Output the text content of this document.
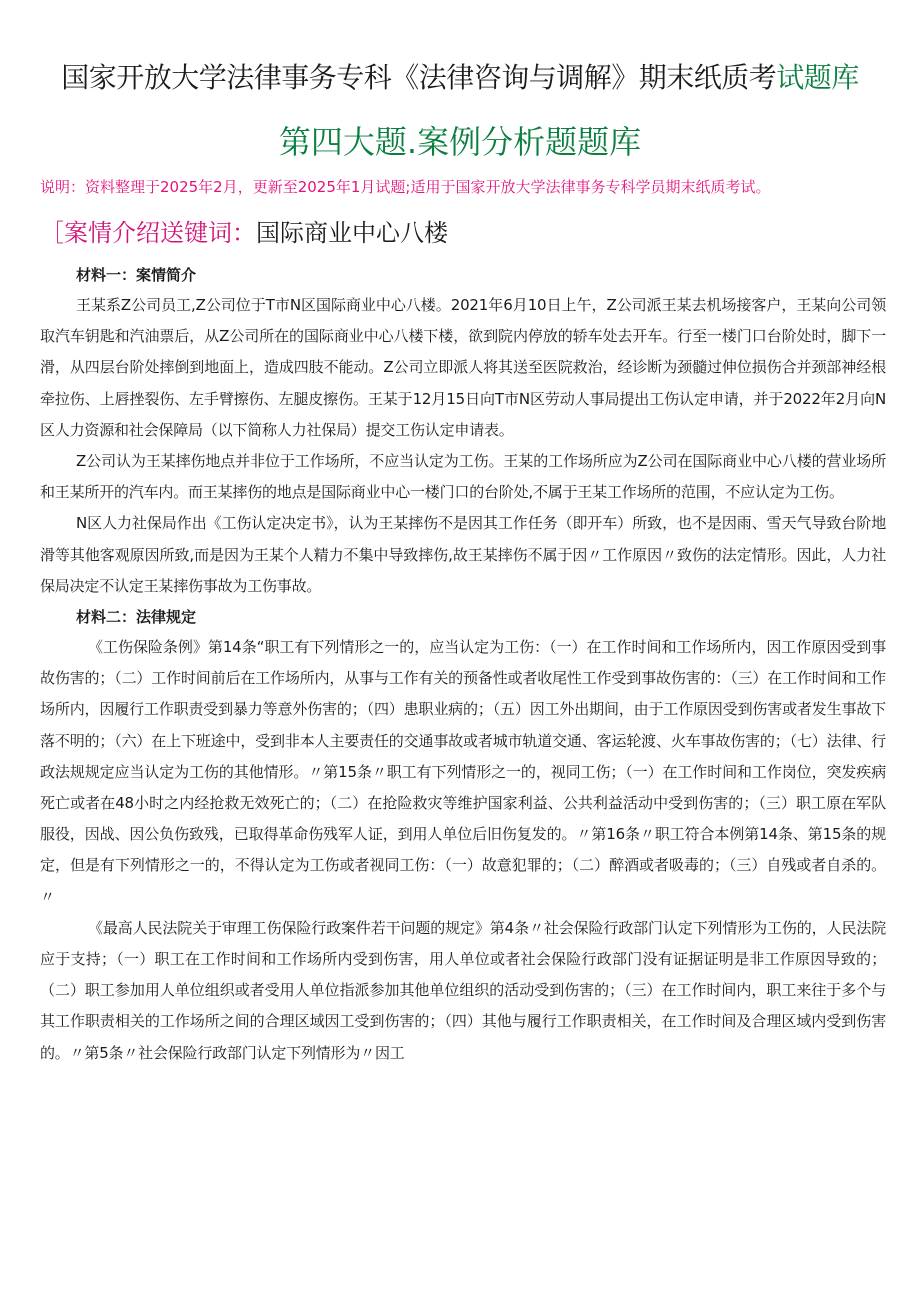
国家开放大学法律事务专科《法律咨询与调解》期末纸质考试题库
第四大题.案例分析题题库
说明：资料整理于2025年2月，更新至2025年1月试题;适用于国家开放大学法律事务专科学员期末纸质考试。
［案情介绍送键词：国际商业中心八楼

材料一：案情简介

王某系Z公司员工,Z公司位于T市N区国际商业中心八楼。2021年6月10日上午，Z公司派王某去机场接客户，王某向公司领取汽车钥匙和汽油票后，从Z公司所在的国际商业中心八楼下楼，欲到院内停放的轿车处去开车。行至一楼门口台阶处时，脚下一滑，从四层台阶处摔倒到地面上，造成四肢不能动。Z公司立即派人将其送至医院救治，经诊断为颈髓过伸位损伤合并颈部神经根牵拉伤、上唇挫裂伤、左手臂擦伤、左腿皮擦伤。王某于12月15日向T市N区劳动人事局提出工伤认定申请，并于2022年2月向N区人力资源和社会保障局（以下简称人力社保局）提交工伤认定申请表。

Z公司认为王某摔伤地点并非位于工作场所，不应当认定为工伤。王某的工作场所应为Z公司在国际商业中心八楼的营业场所和王某所开的汽车内。而王某摔伤的地点是国际商业中心一楼门口的台阶处,不属于王某工作场所的范围，不应认定为工伤。

N区人力社保局作出《工伤认定决定书》，认为王某摔伤不是因其工作任务（即开车）所致，也不是因雨、雪天气导致台阶地滑等其他客观原因所致,而是因为王某个人精力不集中导致摔伤,故王某摔伤不属于因〃工作原因〃致伤的法定情形。因此，人力社保局决定不认定王某摔伤事故为工伤事故。

材料二：法律规定

《工伤保险条例》第14条“职工有下列情形之一的，应当认定为工伤：（一）在工作时间和工作场所内，因工作原因受到事故伤害的；（二）工作时间前后在工作场所内，从事与工作有关的预备性或者收尾性工作受到事故伤害的：（三）在工作时间和工作场所内，因履行工作职责受到暴力等意外伤害的；（四）患职业病的；（五）因工外出期间，由于工作原因受到伤害或者发生事故下落不明的；（六）在上下班途中，受到非本人主要责任的交通事故或者城市轨道交通、客运轮渡、火车事故伤害的；（七）法律、行政法规规定应当认定为工伤的其他情形。〃第15条〃职工有下列情形之一的，视同工伤；（一）在工作时间和工作岗位，突发疾病死亡或者在48小时之内经抢救无效死亡的；（二）在抢险救灾等维护国家利益、公共利益活动中受到伤害的；（三）职工原在军队服役，因战、因公负伤致残，已取得革命伤残军人证，到用人单位后旧伤复发的。〃第16条〃职工符合本例第14条、第15条的规定，但是有下列情形之一的，不得认定为工伤或者视同工伤：（一）故意犯罪的；（二）醉酒或者吸毒的；（三）自残或者自杀的。〃

《最高人民法院关于审理工伤保险行政案件若干问题的规定》第4条〃社会保险行政部门认定下列情形为工伤的，人民法院应于支持；（一）职工在工作时间和工作场所内受到伤害，用人单位或者社会保险行政部门没有证据证明是非工作原因导致的；（二）职工参加用人单位组织或者受用人单位指派参加其他单位组织的活动受到伤害的；（三）在工作时间内，职工来往于多个与其工作职责相关的工作场所之间的合理区域因工受到伤害的；（四）其他与履行工作职责相关，在工作时间及合理区域内受到伤害的。〃第5条〃社会保险行政部门认定下列情形为〃因工
